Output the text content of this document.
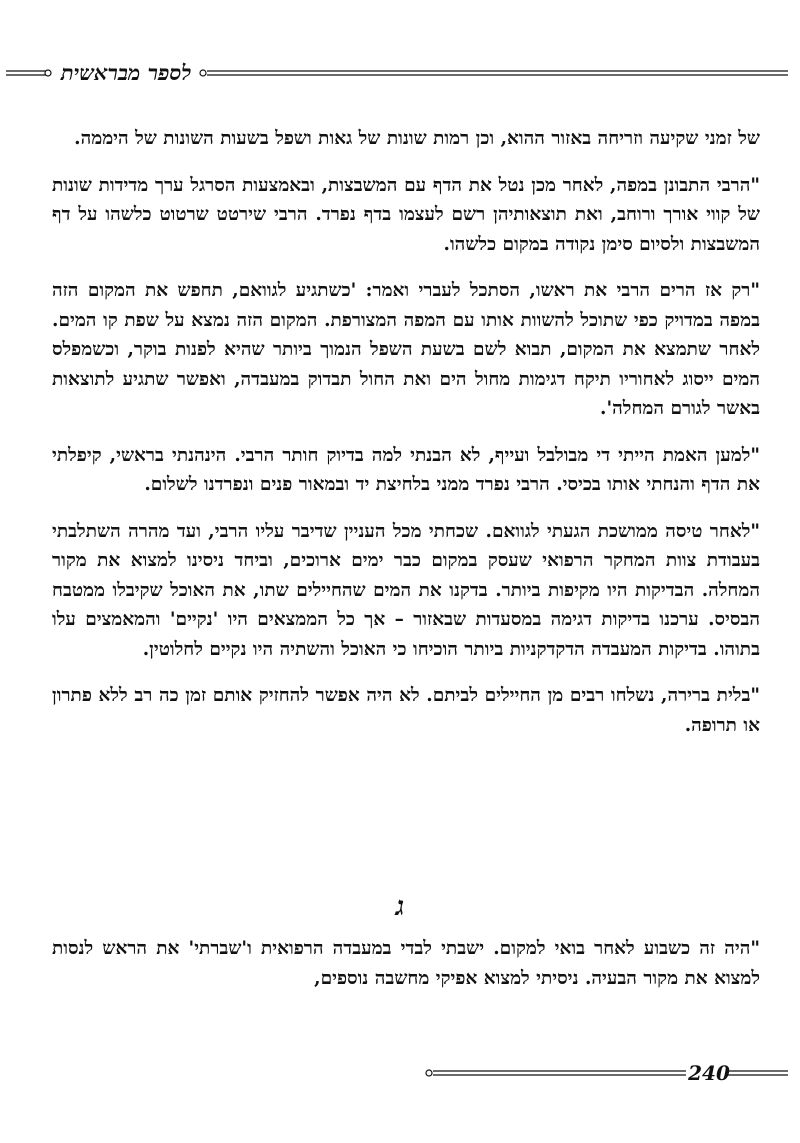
לספר מבראשית

של זמני שקיעה וזריחה באזור ההוא, וכן רמות שונות של גאות ושפל בשעות השונות של היממה.

"הרבי התבונן במפה, לאחר מכן נטל את הדף עם המשבצות, ובאמצעות הסרגל ערך מדידות שונות של קווי אורך ורוחב, ואת תוצאותיהן רשם לעצמו בדף נפרד. הרבי שירטט שרטוט כלשהו על דף המשבצות ולסיום סימן נקודה במקום כלשהו.

"רק אז הרים הרבי את ראשו, הסתכל לעברי ואמר: 'כשתגיע לגוואם, תחפש את המקום הזה במפה במדויק כפי שתוכל להשוות אותו עם המפה המצורפת. המקום הזה נמצא על שפת קו המים. לאחר שתמצא את המקום, תבוא לשם בשעת השפל הנמוך ביותר שהיא לפנות בוקר, וכשמפלס המים ייסוג לאחוריו תיקח דגימות מחול הים ואת החול תבדוק במעבדה, ואפשר שתגיע לתוצאות באשר לגורם המחלה'.

"למען האמת הייתי די מבולבל ועייף, לא הבנתי למה בדיוק חותר הרבי. הינהנתי בראשי, קיפלתי את הדף והנחתי אותו בכיסי. הרבי נפרד ממני בלחיצת יד ובמאור פנים ונפרדנו לשלום.

"לאחר טיסה ממושכת הגעתי לגוואם. שכחתי מכל העניין שדיבר עליו הרבי, ועד מהרה השתלבתי בעבודת צוות המחקר הרפואי שעסק במקום כבר ימים ארוכים, וביחד ניסינו למצוא את מקור המחלה. הבדיקות היו מקיפות ביותר. בדקנו את המים שהחיילים שתו, את האוכל שקיבלו ממטבח הבסיס. ערכנו בדיקות דגימה במסעדות שבאזור – אך כל הממצאים היו 'נקיים' והמאמצים עלו בתוהו. בדיקות המעבדה הדקדקניות ביותר הוכיחו כי האוכל והשתיה היו נקיים לחלוטין.

"בלית ברירה, נשלחו רבים מן החיילים לביתם. לא היה אפשר להחזיק אותם זמן כה רב ללא פתרון או תרופה.

ג

"היה זה כשבוע לאחר בואי למקום. ישבתי לבדי במעבדה הרפואית ו'שברתי' את הראש לנסות למצוא את מקור הבעיה. ניסיתי למצוא אפיקי מחשבה נוספים,

240
